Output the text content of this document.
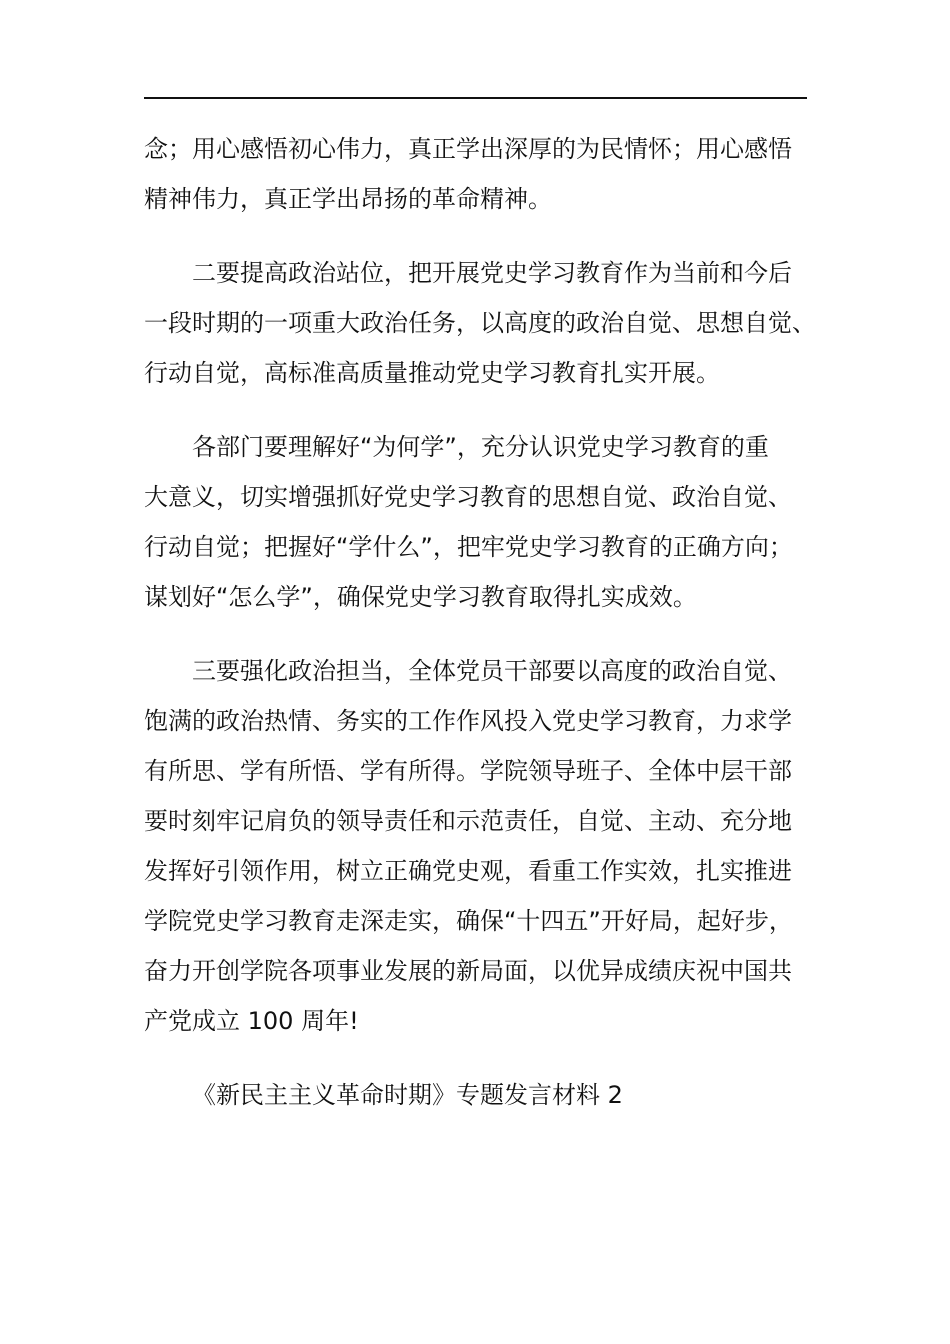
念；用心感悟初心伟力，真正学出深厚的为民情怀；用心感悟
精神伟力，真正学出昂扬的革命精神。

二要提高政治站位，把开展党史学习教育作为当前和今后
一段时期的一项重大政治任务，以高度的政治自觉、思想自觉、
行动自觉，高标准高质量推动党史学习教育扎实开展。

各部门要理解好“为何学”，充分认识党史学习教育的重
大意义，切实增强抓好党史学习教育的思想自觉、政治自觉、
行动自觉；把握好“学什么”，把牢党史学习教育的正确方向；
谋划好“怎么学”，确保党史学习教育取得扎实成效。

三要强化政治担当，全体党员干部要以高度的政治自觉、
饱满的政治热情、务实的工作作风投入党史学习教育，力求学
有所思、学有所悟、学有所得。学院领导班子、全体中层干部
要时刻牢记肩负的领导责任和示范责任，自觉、主动、充分地
发挥好引领作用，树立正确党史观，看重工作实效，扎实推进
学院党史学习教育走深走实，确保“十四五”开好局，起好步，
奋力开创学院各项事业发展的新局面，以优异成绩庆祝中国共
产党成立 100 周年!

《新民主主义革命时期》专题发言材料 2
